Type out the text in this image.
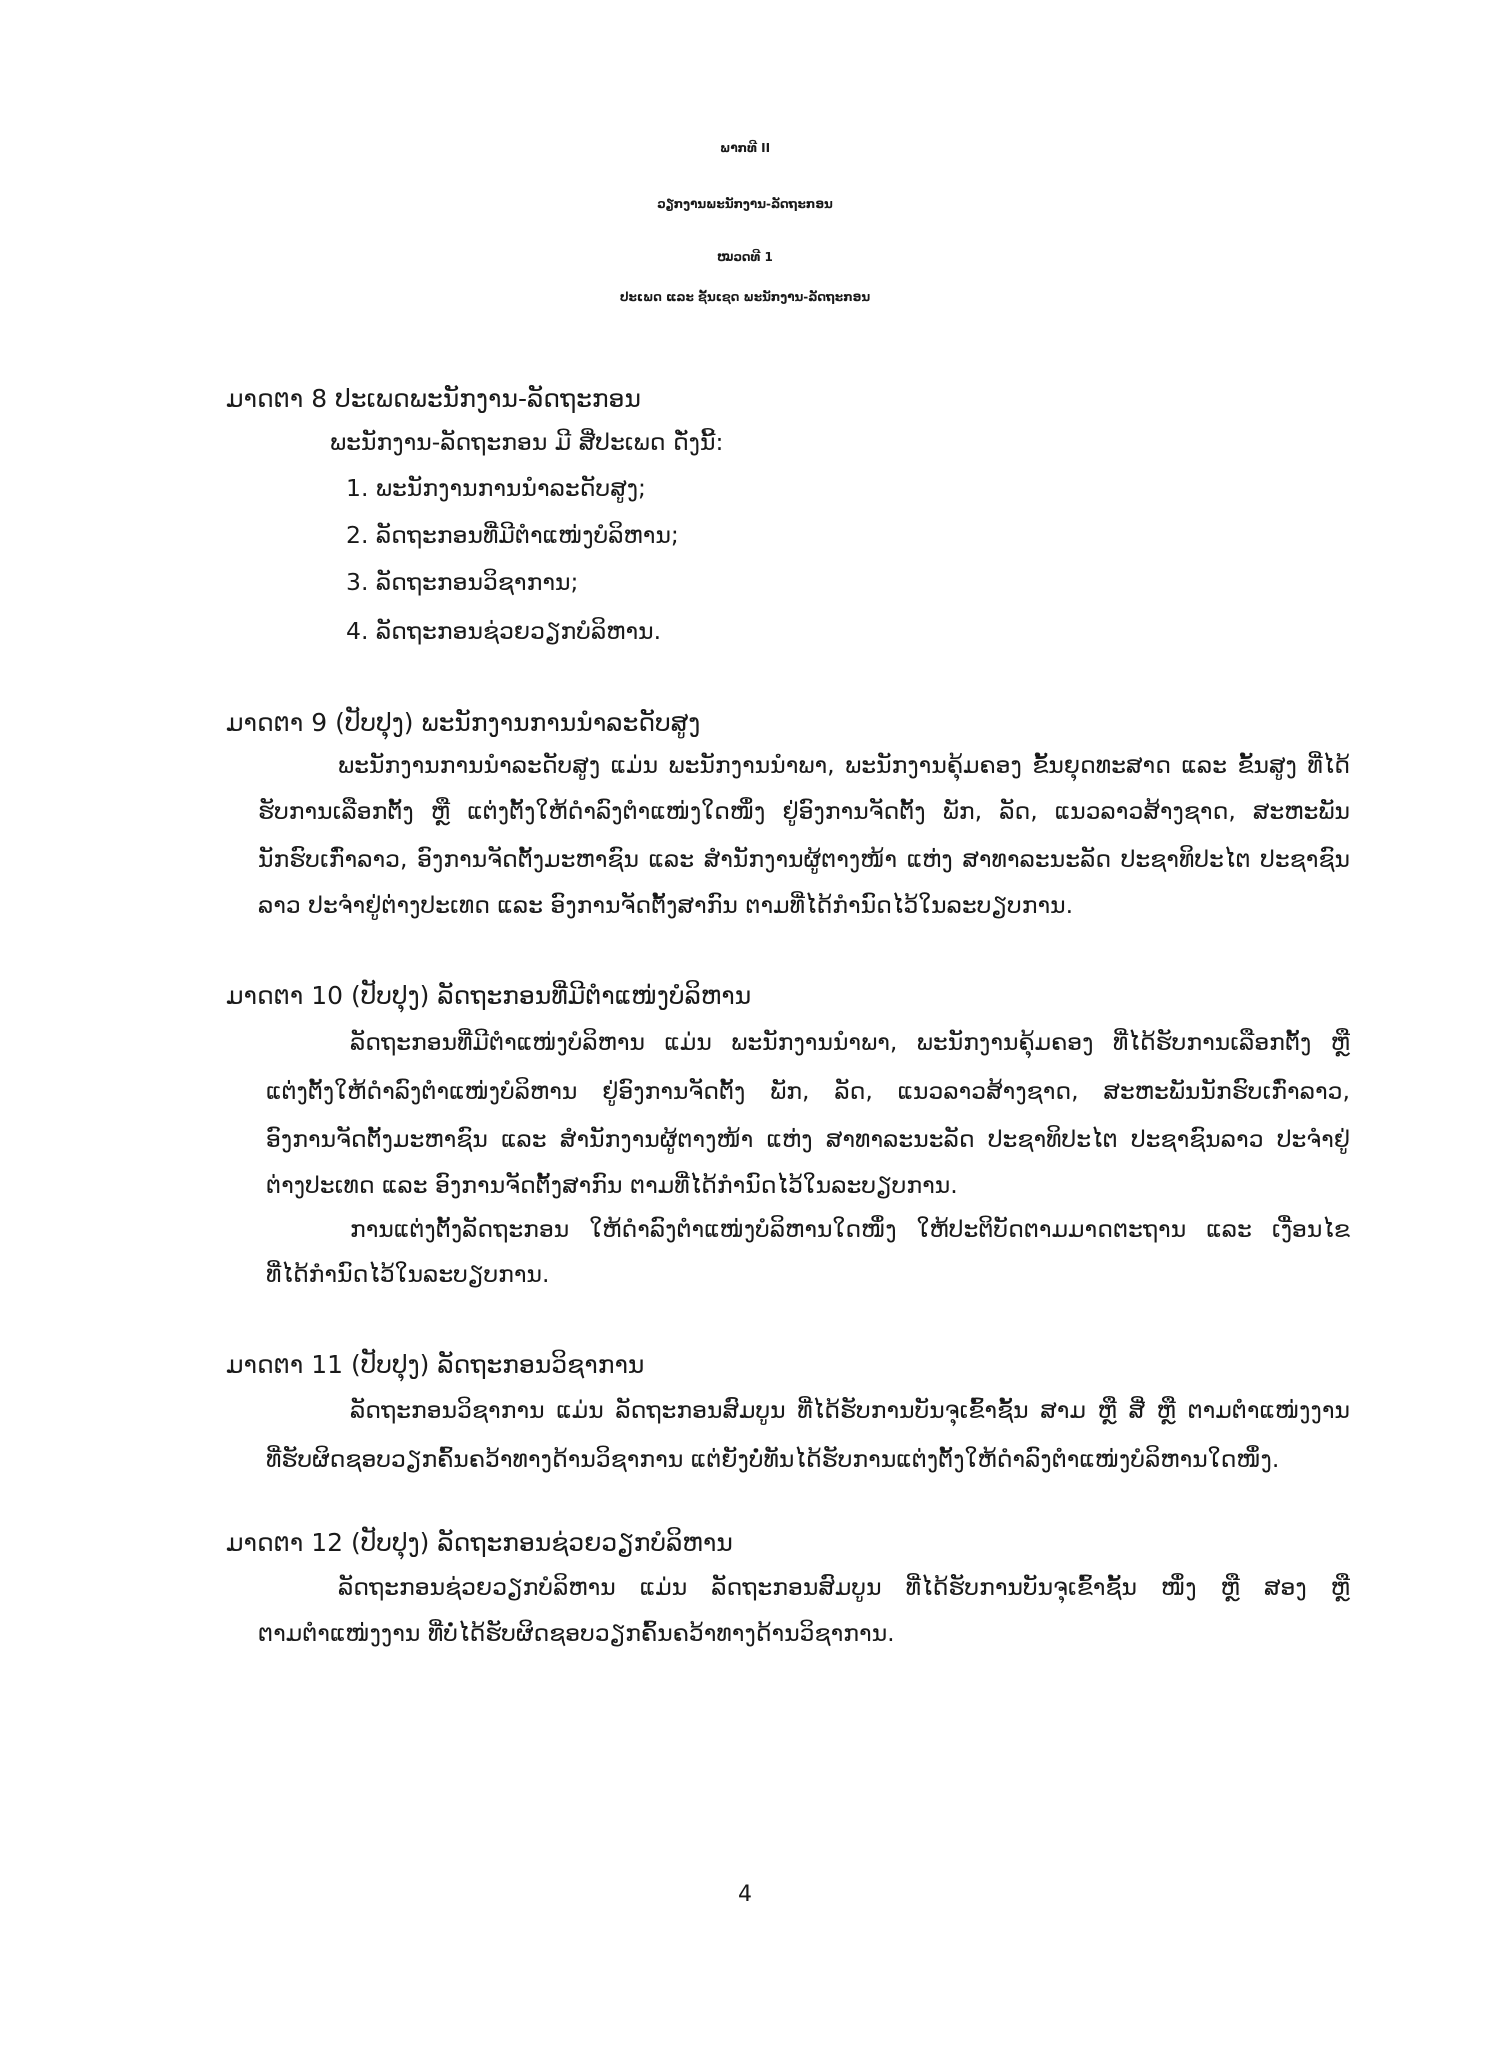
ພາກທີ II
ວຽກງານພະນັກງານ-ລັດຖະກອນ
ໝວດທີ 1
ປະເພດ ແລະ ຊັ້ນເຊດ ພະນັກງານ-ລັດຖະກອນ
ມາດຕາ 8 ປະເພດພະນັກງານ-ລັດຖະກອນ
ພະນັກງານ-ລັດຖະກອນ ມີ ສີ່ປະເພດ ດັ່ງນີ້:
1. ພະນັກງານການນໍາລະດັບສູງ;
2. ລັດຖະກອນທີ່ມີຕໍາແໜ່ງບໍລິຫານ;
3. ລັດຖະກອນວິຊາການ;
4. ລັດຖະກອນຊ່ວຍວຽກບໍລິຫານ.
ມາດຕາ 9 (ປັບປຸງ) ພະນັກງານການນໍາລະດັບສູງ
ພະນັກງານການນໍາລະດັບສູງ ແມ່ນ ພະນັກງານນໍາພາ, ພະນັກງານຄຸ້ມຄອງ ຂັ້ນຍຸດທະສາດ ແລະ ຂັ້ນສູງ ທີ່ໄດ້
ຮັບການເລືອກຕັ້ງ ຫຼື ແຕ່ງຕັ້ງໃຫ້ດໍາລົງຕໍາແໜ່ງໃດໜຶ່ງ ຢູ່ອົງການຈັດຕັ້ງ ພັກ, ລັດ, ແນວລາວສ້າງຊາດ, ສະຫະພັນ
ນັກຮົບເກົ່າລາວ, ອົງການຈັດຕັ້ງມະຫາຊົນ ແລະ ສໍານັກງານຜູ້ຕາງໜ້າ ແຫ່ງ ສາທາລະນະລັດ ປະຊາທິປະໄຕ ປະຊາຊົນ
ລາວ ປະຈໍາຢູ່ຕ່າງປະເທດ ແລະ ອົງການຈັດຕັ້ງສາກົນ ຕາມທີ່ໄດ້ກໍານົດໄວ້ໃນລະບຽບການ.
ມາດຕາ 10 (ປັບປຸງ) ລັດຖະກອນທີ່ມີຕໍາແໜ່ງບໍລິຫານ
ລັດຖະກອນທີ່ມີຕໍາແໜ່ງບໍລິຫານ ແມ່ນ ພະນັກງານນໍາພາ, ພະນັກງານຄຸ້ມຄອງ ທີ່ໄດ້ຮັບການເລືອກຕັ້ງ ຫຼື
ແຕ່ງຕັ້ງໃຫ້ດໍາລົງຕໍາແໜ່ງບໍລິຫານ ຢູ່ອົງການຈັດຕັ້ງ ພັກ, ລັດ, ແນວລາວສ້າງຊາດ, ສະຫະພັນນັກຮົບເກົ່າລາວ,
ອົງການຈັດຕັ້ງມະຫາຊົນ ແລະ ສໍານັກງານຜູ້ຕາງໜ້າ ແຫ່ງ ສາທາລະນະລັດ ປະຊາທິປະໄຕ ປະຊາຊົນລາວ ປະຈໍາຢູ່
ຕ່າງປະເທດ ແລະ ອົງການຈັດຕັ້ງສາກົນ ຕາມທີ່ໄດ້ກໍານົດໄວ້ໃນລະບຽບການ.
ການແຕ່ງຕັ້ງລັດຖະກອນ ໃຫ້ດໍາລົງຕໍາແໜ່ງບໍລິຫານໃດໜຶ່ງ ໃຫ້ປະຕິບັດຕາມມາດຕະຖານ ແລະ ເງື່ອນໄຂ
ທີ່ໄດ້ກໍານົດໄວ້ໃນລະບຽບການ.
ມາດຕາ 11 (ປັບປຸງ) ລັດຖະກອນວິຊາການ
ລັດຖະກອນວິຊາການ ແມ່ນ ລັດຖະກອນສົມບູນ ທີ່ໄດ້ຮັບການບັນຈຸເຂົ້າຊັ້ນ ສາມ ຫຼື ສີ່ ຫຼື ຕາມຕໍາແໜ່ງງານ
ທີ່ຮັບຜິດຊອບວຽກຄົ້ນຄວ້າທາງດ້ານວິຊາການ ແຕ່ຍັງບໍ່ທັນໄດ້ຮັບການແຕ່ງຕັ້ງໃຫ້ດໍາລົງຕໍາແໜ່ງບໍລິຫານໃດໜຶ່ງ.
ມາດຕາ 12 (ປັບປຸງ) ລັດຖະກອນຊ່ວຍວຽກບໍລິຫານ
ລັດຖະກອນຊ່ວຍວຽກບໍລິຫານ ແມ່ນ ລັດຖະກອນສົມບູນ ທີ່ໄດ້ຮັບການບັນຈຸເຂົ້າຊັ້ນ ໜຶ່ງ ຫຼື ສອງ ຫຼື
ຕາມຕໍາແໜ່ງງານ ທີ່ບໍ່ໄດ້ຮັບຜິດຊອບວຽກຄົ້ນຄວ້າທາງດ້ານວິຊາການ.
4
